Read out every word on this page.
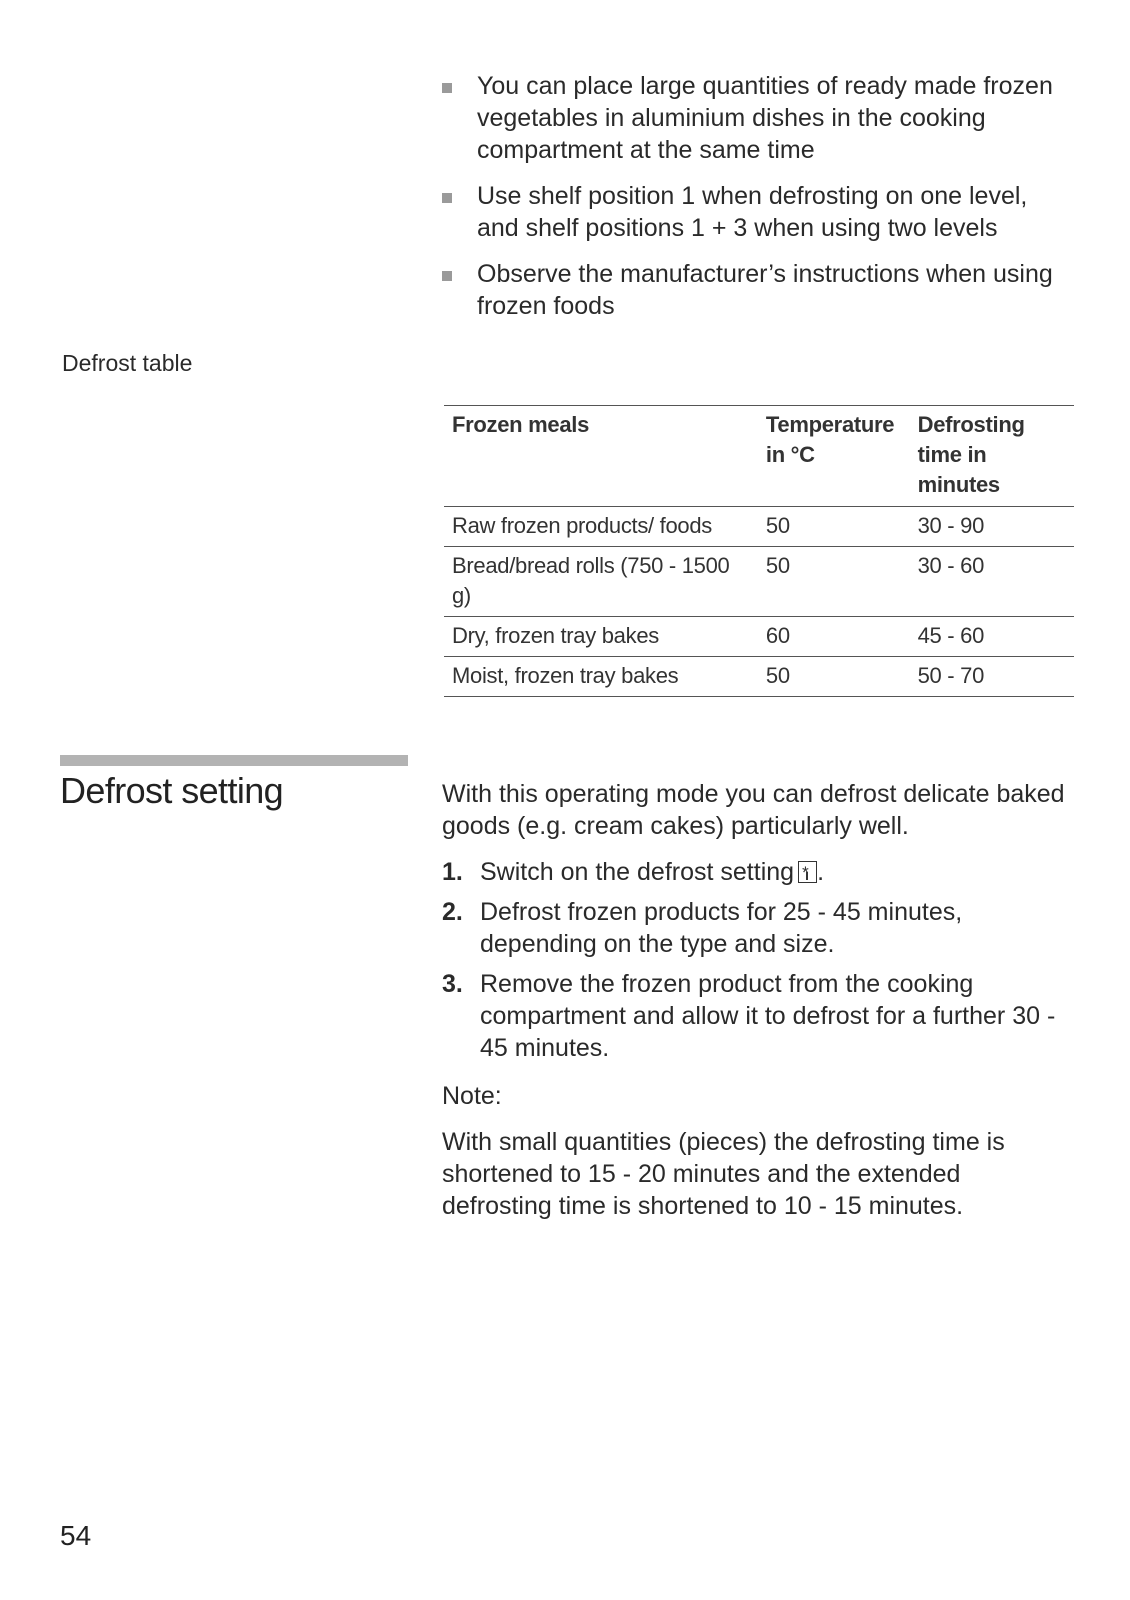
You can place large quantities of ready made frozen vegetables in aluminium dishes in the cooking compartment at the same time
Use shelf position 1 when defrosting on one level, and shelf positions 1 + 3 when using two levels
Observe the manufacturer’s instructions when using frozen foods
Defrost table
Frozen meals	Temperature in °C	Defrosting time in minutes
Raw frozen products/ foods	50	30 - 90
Bread/bread rolls (750 - 1500 g)	50	30 - 60
Dry, frozen tray bakes	60	45 - 60
Moist, frozen tray bakes	50	50 - 70
Defrost setting	With this operating mode you can defrost delicate baked goods (e.g. cream cakes) particularly well.

1. Switch on the defrost setting * .
2. Defrost frozen products for 25 - 45 minutes, depending on the type and size.
3. Remove the frozen product from the cooking compartment and allow it to defrost for a further 30 - 45 minutes.

Note:

With small quantities (pieces) the defrosting time is shortened to 15 - 20 minutes and the extended defrosting time is shortened to 10 - 15 minutes.

54
